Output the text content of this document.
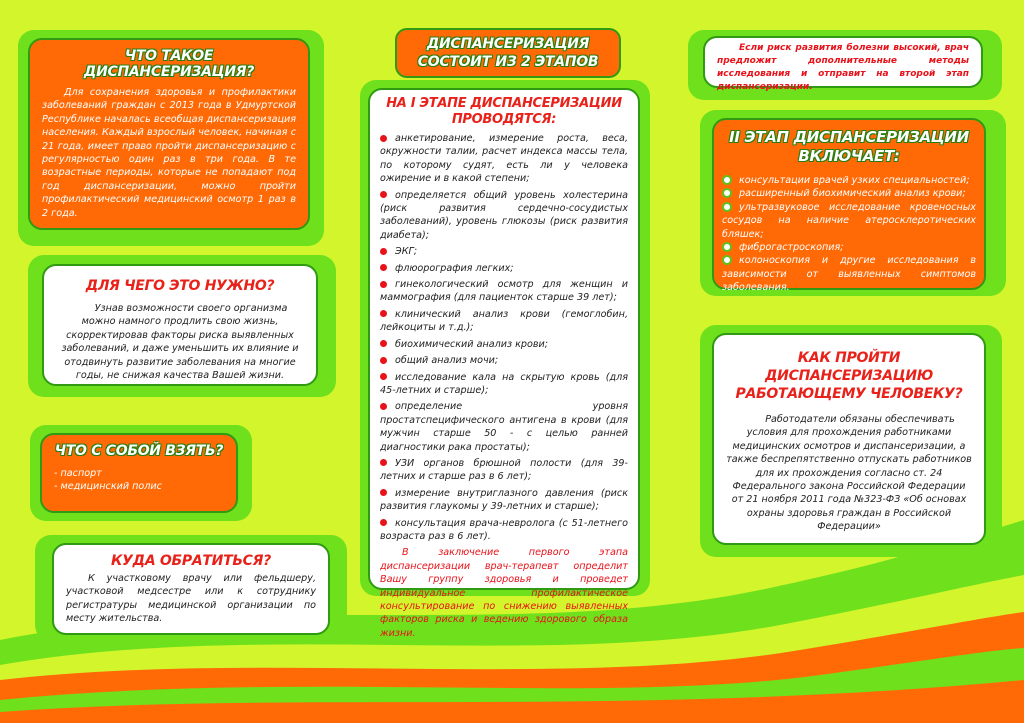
ЧТО ТАКОЕ ДИСПАНСЕРИЗАЦИЯ?

Для сохранения здоровья и профилактики заболеваний граждан с 2013 года в Удмуртской Республике началась всеобщая диспансеризация населения. Каждый взрослый человек, начиная с 21 года, имеет право пройти диспансеризацию с регулярностью один раз в три года. В те возрастные периоды, которые не попадают под год диспансеризации, можно пройти профилактический медицинский осмотр 1 раз в 2 года.

ДЛЯ ЧЕГО ЭТО НУЖНО?

Узнав возможности своего организма можно намного продлить свою жизнь, скорректировав факторы риска выявленных заболеваний, и даже уменьшить их влияние и отодвинуть развитие заболевания на многие годы, не снижая качества Вашей жизни.

ЧТО С СОБОЙ ВЗЯТЬ?
- паспорт
- медицинский полис
КУДА ОБРАТИТЬСЯ?

К участковому врачу или фельдшеру, участковой медсестре или к сотруднику регистратуры медицинской организации по месту жительства.

ДИСПАНСЕРИЗАЦИЯ СОСТОИТ ИЗ 2 ЭТАПОВ
НА I ЭТАПЕ ДИСПАНСЕРИЗАЦИИ ПРОВОДЯТСЯ:
анкетирование, измерение роста, веса, окружности талии, расчет индекса массы тела, по которому судят, есть ли у человека ожирение и в какой степени;
определяется общий уровень холестерина (риск развития сердечно-сосудистых заболеваний), уровень глюкозы (риск развития диабета);
ЭКГ;
флюорография легких;
гинекологический осмотр для женщин и маммография (для пациенток старше 39 лет);
клинический анализ крови (гемоглобин, лейкоциты и т.д.);
биохимический анализ крови;
общий анализ мочи;
исследование кала на скрытую кровь (для 45-летних и старше);
определение уровня простатспецифического антигена в крови (для мужчин старше 50 - с целью ранней диагностики рака простаты);
УЗИ органов брюшной полости (для 39-летних и старше раз в 6 лет);
измерение внутриглазного давления (риск развития глаукомы у 39-летних и старше);
консультация врача-невролога (с 51-летнего возраста раз в 6 лет).

В заключение первого этапа диспансеризации врач-терапевт определит Вашу группу здоровья и проведет индивидуальное профилактическое консультирование по снижению выявленных факторов риска и ведению здорового образа жизни.

Если риск развития болезни высокий, врач предложит дополнительные методы исследования и отправит на второй этап диспансеризации.

II ЭТАП ДИСПАНСЕРИЗАЦИИ ВКЛЮЧАЕТ:
консультации врачей узких специальностей;
расширенный биохимический анализ крови;
ультразвуковое исследование кровеносных сосудов на наличие атеросклеротических бляшек;
фиброгастроскопия;
колоноскопия и другие исследования в зависимости от выявленных симптомов заболевания.
КАК ПРОЙТИ ДИСПАНСЕРИЗАЦИЮ РАБОТАЮЩЕМУ ЧЕЛОВЕКУ?

Работодатели обязаны обеспечивать условия для прохождения работниками медицинских осмотров и диспансеризации, а также беспрепятственно отпускать работников для их прохождения согласно ст. 24 Федерального закона Российской Федерации от 21 ноября 2011 года №323-ФЗ «Об основах охраны здоровья граждан в Российской Федерации»
